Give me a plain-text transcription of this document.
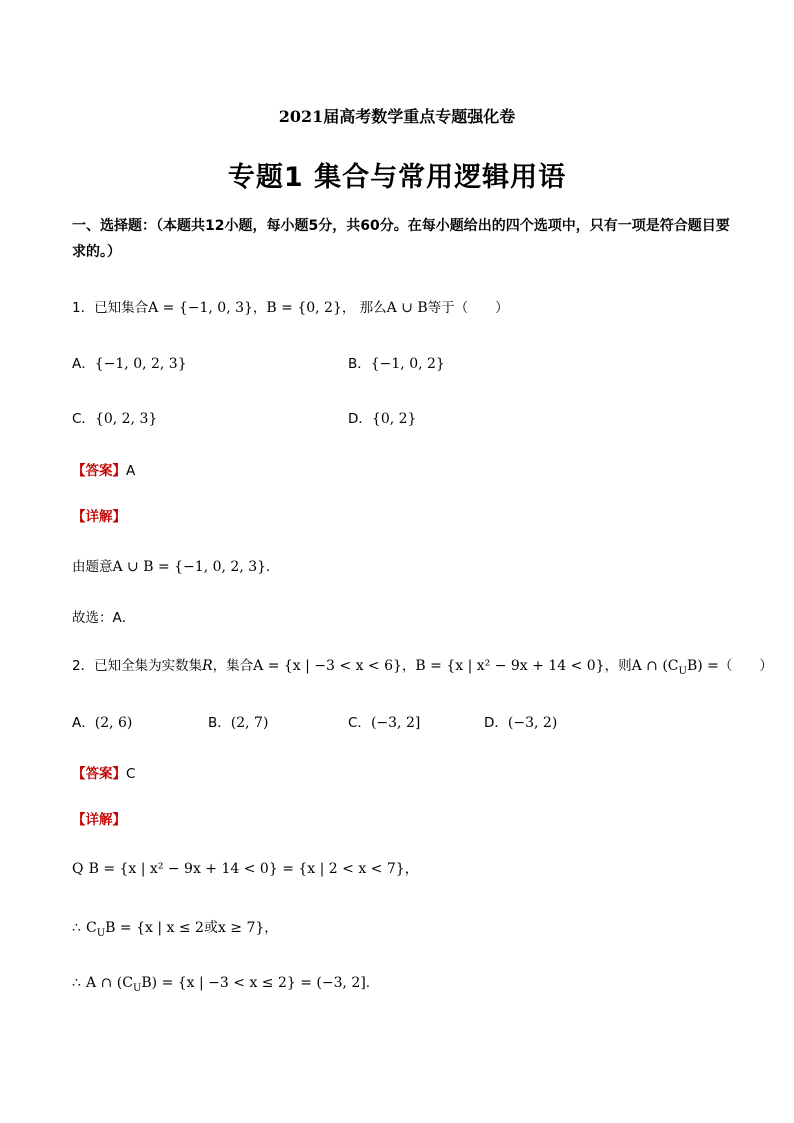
2021届高考数学重点专题强化卷
专题1 集合与常用逻辑用语
一、选择题：（本题共12小题，每小题5分，共60分。在每小题给出的四个选项中，只有一项是符合题目要求的。）
1．已知集合A = {−1, 0, 3}，B = {0, 2}， 那么A ∪ B等于（　　）
A．{−1, 0, 2, 3}	B．{−1, 0, 2}
C．{0, 2, 3}	D．{0, 2}
【答案】A
【详解】
由题意A ∪ B = {−1, 0, 2, 3}．
故选：A．
2．已知全集为实数集R，集合A = {x | −3 < x < 6}，B = {x | x² − 9x + 14 < 0}，则A ∩ $(C_UB)$ =（　　）
A．(2, 6)	B．(2, 7)	C．(−3, 2]	D．(−3, 2)
【答案】C
【详解】
Q B = {x | x² − 9x + 14 < 0} = {x | 2 < x < 7}，
∴ $C_UB = \{x$ | x ≤ 2或x ≥ 7}，
∴ A ∩ $(C_UB) = \{x$ | −3 < x ≤ 2} = (−3, 2].
